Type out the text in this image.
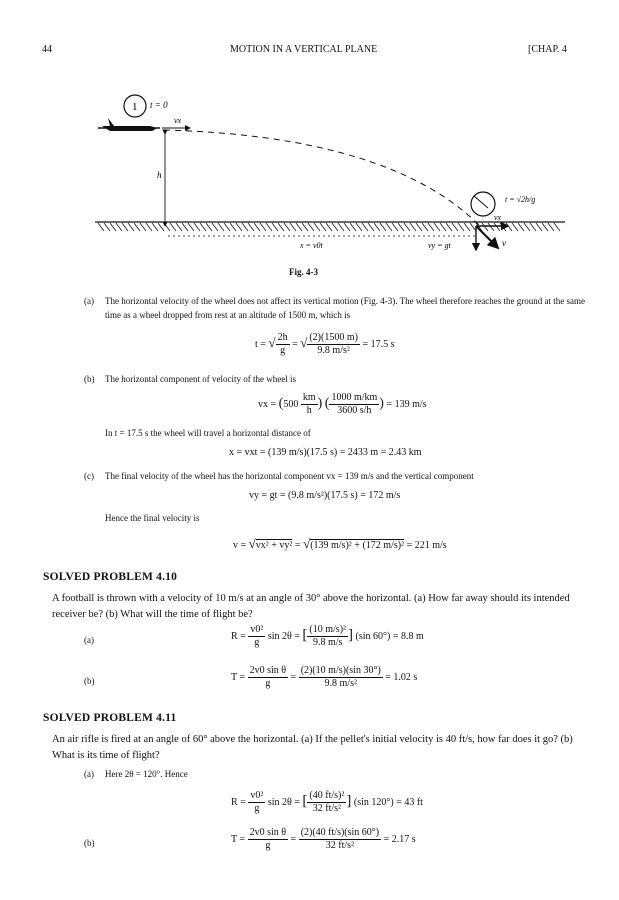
44	MOTION IN A VERTICAL PLANE	[CHAP. 4
1 t = 0
vx
h
x = v0t
t = √2h/g
vx
vy = gt	v
Fig. 4-3
(a) The horizontal velocity of the wheel does not affect its vertical motion (Fig. 4-3). The wheel therefore reaches the ground at the same time as a wheel dropped from rest at an altitude of 1500 m, which is
t = √ $\frac{2h}{g}$ = √ $\frac{(2)(1500 m)}{\text{9.8 m/s²}} = 17.5$ s
(b) The horizontal component of velocity of the wheel is
vx = ($500 \frac{km}{h}$ ) ( $\frac{1000 m/km}{3600 s/h}$ ) = 139 m/s
In t = 17.5 s the wheel will travel a horizontal distance of
x = vxt = (139 m/s)(17.5 s) = 2433 m = 2.43 km
(c) The final velocity of the wheel has the horizontal component vx = 139 m/s and the vertical component
vy = gt = (9.8 m/s²)(17.5 s) = 172 m/s
Hence the final velocity is
v = √vx² + vy² = √(139 m/s)² + (172 m/s)² = 221 m/s
SOLVED PROBLEM 4.10
A football is thrown with a velocity of 10 m/s at an angle of 30° above the horizontal. (a) How far away should its intended receiver be? (b) What will the time of flight be?
(a)	$R = \frac{\text{v0²}}{g}$ sin 2θ = [ $\frac{\text{(10 m/s)²}}{9.8 m/s}$ ] (sin 60°) = 8.8 m
(b)	$T = \frac{\text{2v0 sin θ}}{g} = \frac{(2)(10 m/s)(\sin 30^\circ)}{\text{9.8 m/s²}} = 1.02$ s
SOLVED PROBLEM 4.11
An air rifle is fired at an angle of 60° above the horizontal. (a) If the pellet's initial velocity is 40 ft/s, how far does it go? (b) What is its time of flight?
(a) Here 2θ = 120°. Hence
$R = \frac{\text{v0²}}{g}$ sin 2θ = [ $\frac{\text{(40 ft/s)²}}{\text{32 ft/s²}}$ ] (sin 120°) = 43 ft
(b)	$T = \frac{\text{2v0 sin θ}}{g} = \frac{(2)(40 ft/s)(\sin 60^\circ)}{\text{32 ft/s²}} = 2.17$ s
